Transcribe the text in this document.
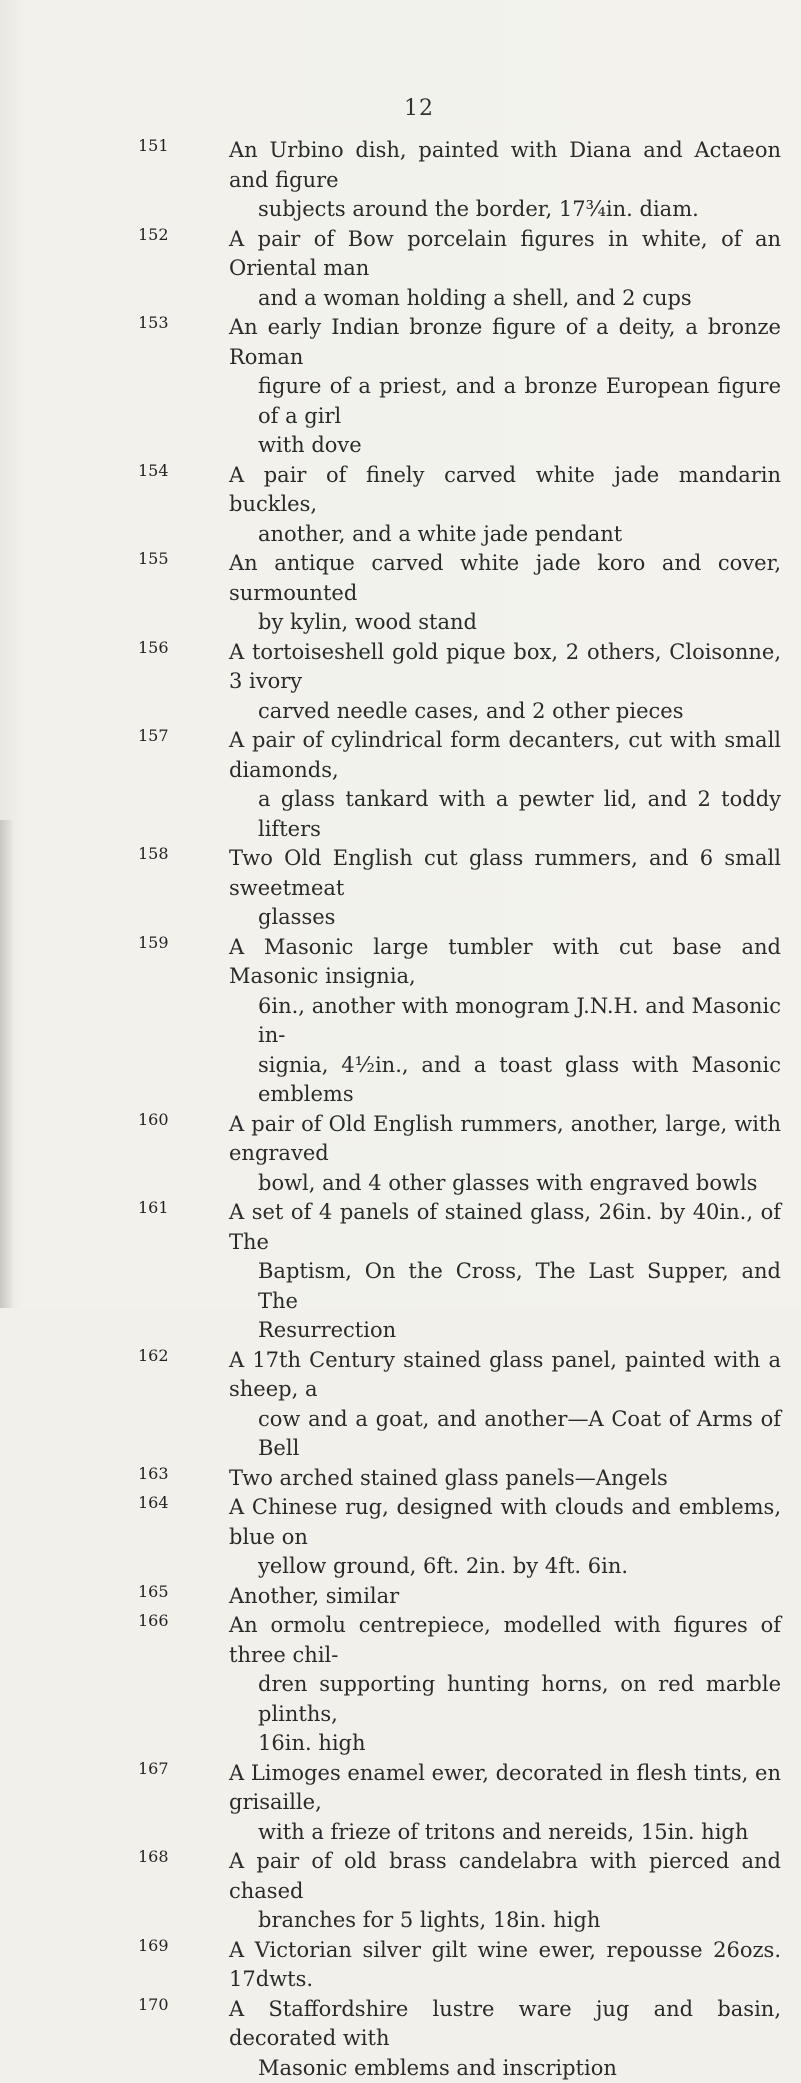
12
151	An Urbino dish, painted with Diana and Actaeon and figure
subjects around the border, 17¾in. diam.
152	A pair of Bow porcelain figures in white, of an Oriental man
and a woman holding a shell, and 2 cups
153	An early Indian bronze figure of a deity, a bronze Roman
figure of a priest, and a bronze European figure of a girl
with dove
154	A pair of finely carved white jade mandarin buckles,
another, and a white jade pendant
155	An antique carved white jade koro and cover, surmounted
by kylin, wood stand
156	A tortoiseshell gold pique box, 2 others, Cloisonne, 3 ivory
carved needle cases, and 2 other pieces
157	A pair of cylindrical form decanters, cut with small diamonds,
a glass tankard with a pewter lid, and 2 toddy lifters
158	Two Old English cut glass rummers, and 6 small sweetmeat
glasses
159	A Masonic large tumbler with cut base and Masonic insignia,
6in., another with monogram J.N.H. and Masonic in-
signia, 4½in., and a toast glass with Masonic emblems
160	A pair of Old English rummers, another, large, with engraved
bowl, and 4 other glasses with engraved bowls
161	A set of 4 panels of stained glass, 26in. by 40in., of The
Baptism, On the Cross, The Last Supper, and The
Resurrection
162	A 17th Century stained glass panel, painted with a sheep, a
cow and a goat, and another—A Coat of Arms of Bell
163	Two arched stained glass panels—Angels
164	A Chinese rug, designed with clouds and emblems, blue on
yellow ground, 6ft. 2in. by 4ft. 6in.
165	Another, similar
166	An ormolu centrepiece, modelled with figures of three chil-
dren supporting hunting horns, on red marble plinths,
16in. high
167	A Limoges enamel ewer, decorated in flesh tints, en grisaille,
with a frieze of tritons and nereids, 15in. high
168	A pair of old brass candelabra with pierced and chased
branches for 5 lights, 18in. high
169	A Victorian silver gilt wine ewer, repousse 26ozs. 17dwts.
170	A Staffordshire lustre ware jug and basin, decorated with
Masonic emblems and inscription
